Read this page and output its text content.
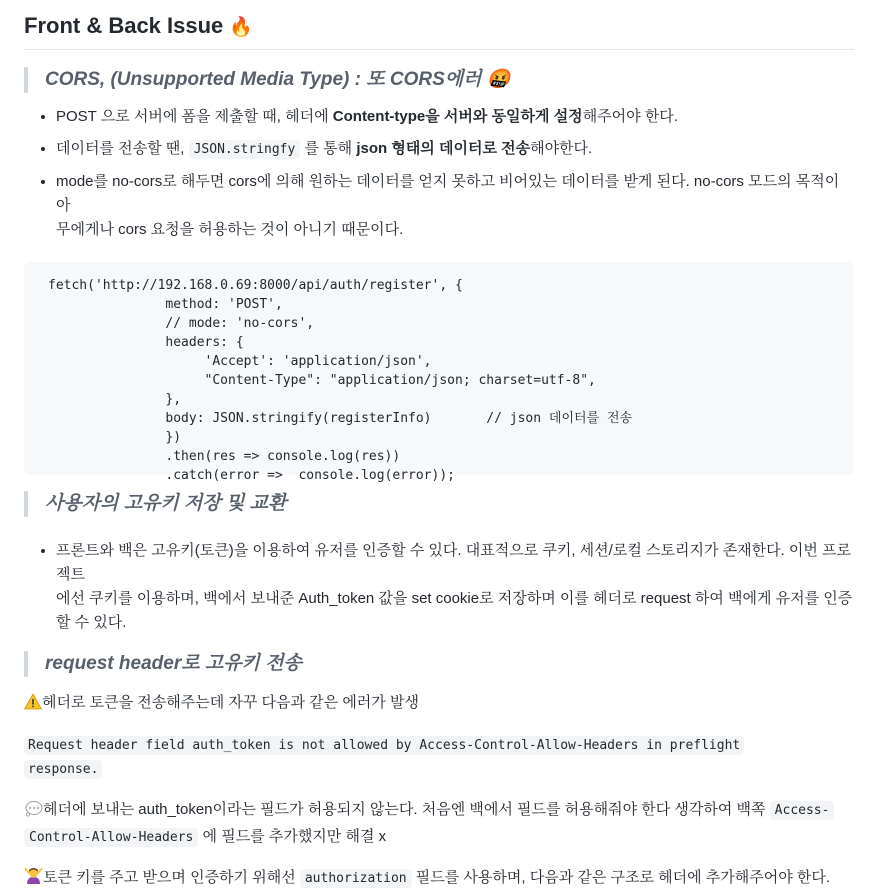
Front & Back Issue 🔥
CORS, (Unsupported Media Type) : 또 CORS에러 🤬
• POST 으로 서버에 폼을 제출할 때, 헤더에 Content-type을 서버와 동일하게 설정해주어야 한다.
• 데이터를 전송할 땐, JSON.stringfy 를 통해 json 형태의 데이터로 전송해야한다.
• mode를 no-cors로 해두면 cors에 의해 원하는 데이터를 얻지 못하고 비어있는 데이터를 받게 된다. no-cors 모드의 목적이 아
무에게나 cors 요청을 허용하는 것이 아니기 때문이다.
fetch('http://192.168.0.69:8000/api/auth/register', {
method: 'POST',
// mode: 'no-cors',
headers: {
'Accept': 'application/json',
"Content-Type": "application/json; charset=utf-8",
},
body: JSON.stringify(registerInfo)       // json 데이터를 전송
})
.then(res => console.log(res))
.catch(error =>  console.log(error));
사용자의 고유키 저장 및 교환
• 프론트와 백은 고유키(토큰)을 이용하여 유저를 인증할 수 있다. 대표적으로 쿠키, 세션/로컬 스토리지가 존재한다. 이번 프로젝트
에선 쿠키를 이용하며, 백에서 보내준 Auth_token 값을 set cookie로 저장하며 이를 헤더로 request 하여 백에게 유저를 인증
할 수 있다.
request header로 고유키 전송

헤더로 토큰을 전송해주는데 자꾸 다음과 같은 에러가 발생

Request header field auth_token is not allowed by Access-Control-Allow-Headers in preflight
response.

헤더에 보내는 auth_token이라는 필드가 허용되지 않는다. 처음엔 백에서 필드를 허용해줘야 한다 생각하여 백쪽 Access-
Control-Allow-Headers 에 필드를 추가했지만 해결 x

토큰 키를 주고 받으며 인증하기 위해선 authorization 필드를 사용하며, 다음과 같은 구조로 헤더에 추가해주어야 한다.
